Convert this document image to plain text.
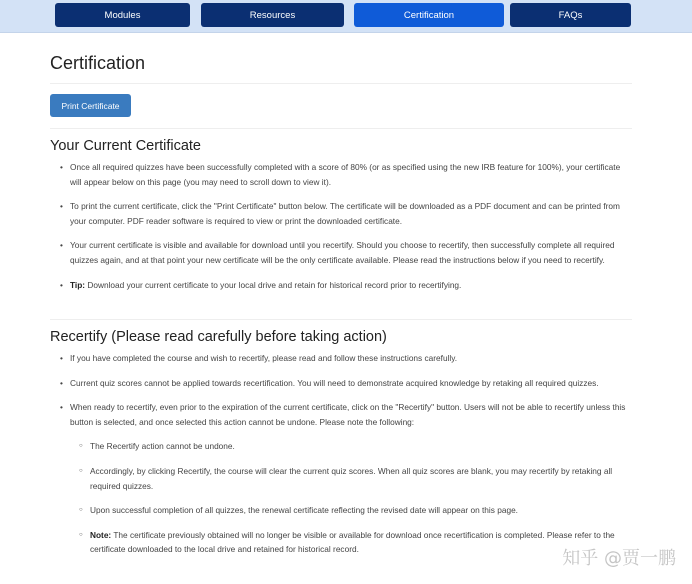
Modules	Resources	Certification	FAQs
Certification
Print Certificate
Your Current Certificate
• Once all required quizzes have been successfully completed with a score of 80% (or as specified using the new IRB feature for 100%), your certificate will appear below on this page (you may need to scroll down to view it).
• To print the current certificate, click the "Print Certificate" button below. The certificate will be downloaded as a PDF document and can be printed from your computer. PDF reader software is required to view or print the downloaded certificate.
• Your current certificate is visible and available for download until you recertify. Should you choose to recertify, then successfully complete all required quizzes again, and at that point your new certificate will be the only certificate available. Please read the instructions below if you need to recertify.
• Tip: Download your current certificate to your local drive and retain for historical record prior to recertifying.
Recertify (Please read carefully before taking action)
• If you have completed the course and wish to recertify, please read and follow these instructions carefully.
• Current quiz scores cannot be applied towards recertification. You will need to demonstrate acquired knowledge by retaking all required quizzes.
• When ready to recertify, even prior to the expiration of the current certificate, click on the "Recertify" button. Users will not be able to recertify unless this button is selected, and once selected this action cannot be undone. Please note the following:
○ The Recertify action cannot be undone.
○ Accordingly, by clicking Recertify, the course will clear the current quiz scores. When all quiz scores are blank, you may recertify by retaking all required quizzes.
○ Upon successful completion of all quizzes, the renewal certificate reflecting the revised date will appear on this page.
○ Note: The certificate previously obtained will no longer be visible or available for download once recertification is completed. Please refer to the certificate downloaded to the local drive and retained for historical record.	知乎 @贾一鹏
